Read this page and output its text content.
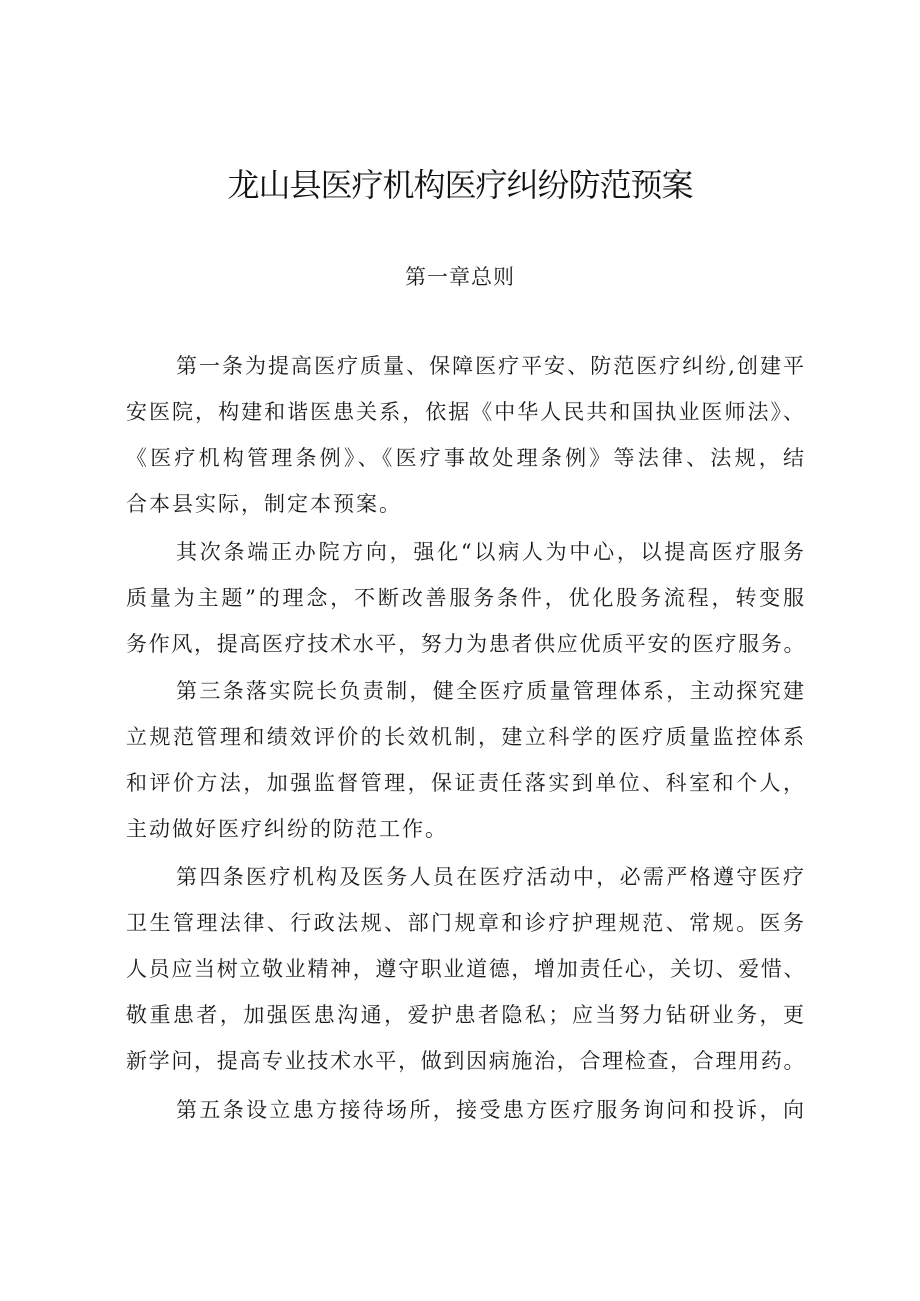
龙山县医疗机构医疗纠纷防范预案
第一章总则
第一条为提高医疗质量、保障医疗平安、防范医疗纠纷,创建平
安医院，构建和谐医患关系，依据《中华人民共和国执业医师法》、
《医疗机构管理条例》、《医疗事故处理条例》等法律、法规，结
合本县实际，制定本预案。
其次条端正办院方向，强化“以病人为中心，以提高医疗服务
质量为主题”的理念，不断改善服务条件，优化股务流程，转变服
务作风，提高医疗技术水平，努力为患者供应优质平安的医疗服务。
第三条落实院长负责制，健全医疗质量管理体系，主动探究建
立规范管理和绩效评价的长效机制，建立科学的医疗质量监控体系
和评价方法，加强监督管理，保证责任落实到单位、科室和个人，
主动做好医疗纠纷的防范工作。
第四条医疗机构及医务人员在医疗活动中，必需严格遵守医疗
卫生管理法律、行政法规、部门规章和诊疗护理规范、常规。医务
人员应当树立敬业精神，遵守职业道德，增加责任心，关切、爱惜、
敬重患者，加强医患沟通，爱护患者隐私；应当努力钻研业务，更
新学问，提高专业技术水平，做到因病施治，合理检查，合理用药。
第五条设立患方接待场所，接受患方医疗服务询问和投诉，向
